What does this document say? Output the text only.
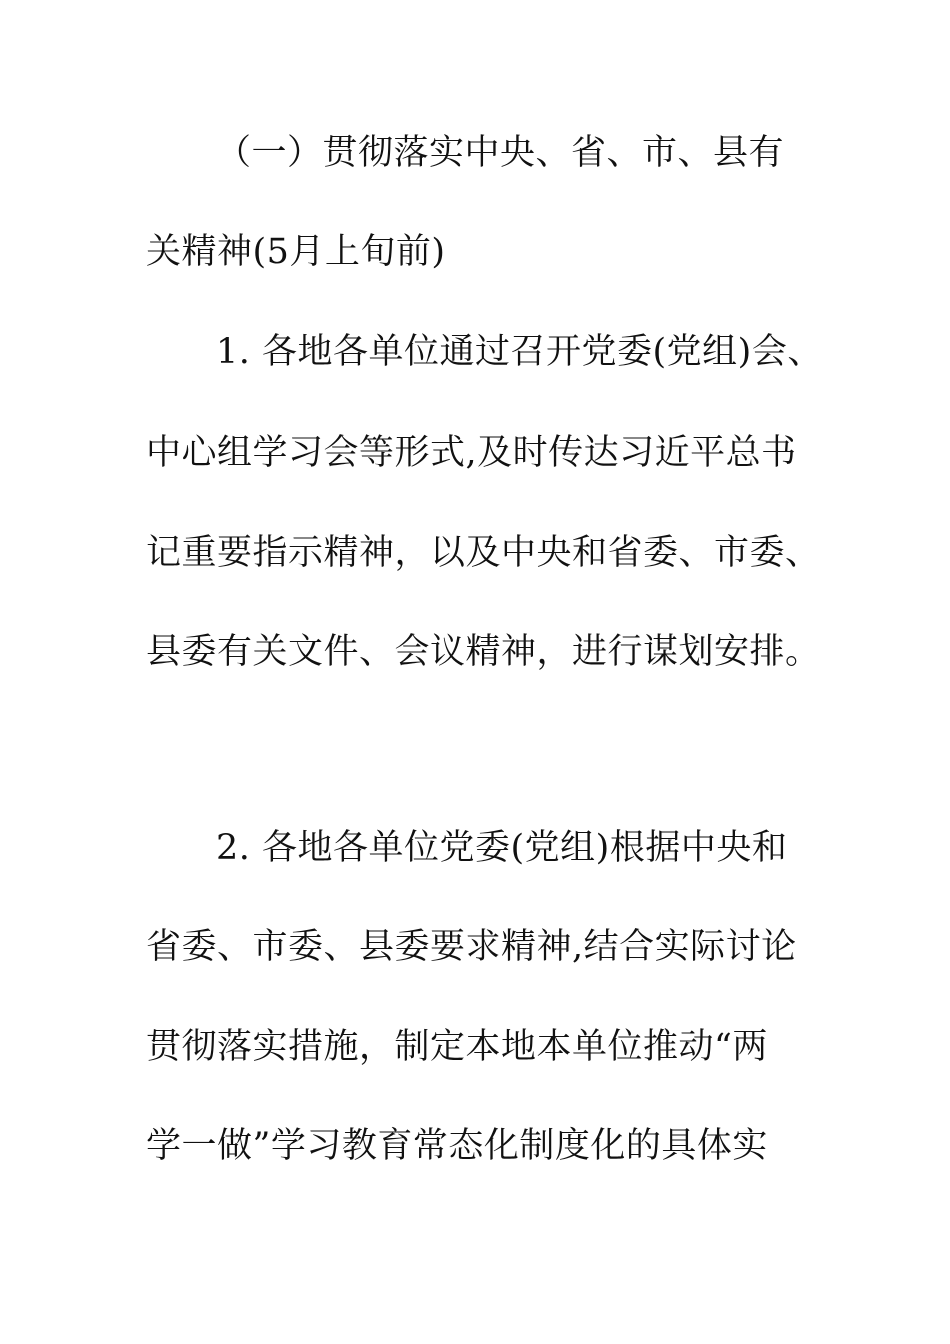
（一）贯彻落实中央、省、市、县有
关精神(5月上旬前)
1. 各地各单位通过召开党委(党组)会、
中心组学习会等形式,及时传达习近平总书
记重要指示精神，以及中央和省委、市委、
县委有关文件、会议精神，进行谋划安排。
2. 各地各单位党委(党组)根据中央和
省委、市委、县委要求精神,结合实际讨论
贯彻落实措施，制定本地本单位推动“两
学一做”学习教育常态化制度化的具体实
